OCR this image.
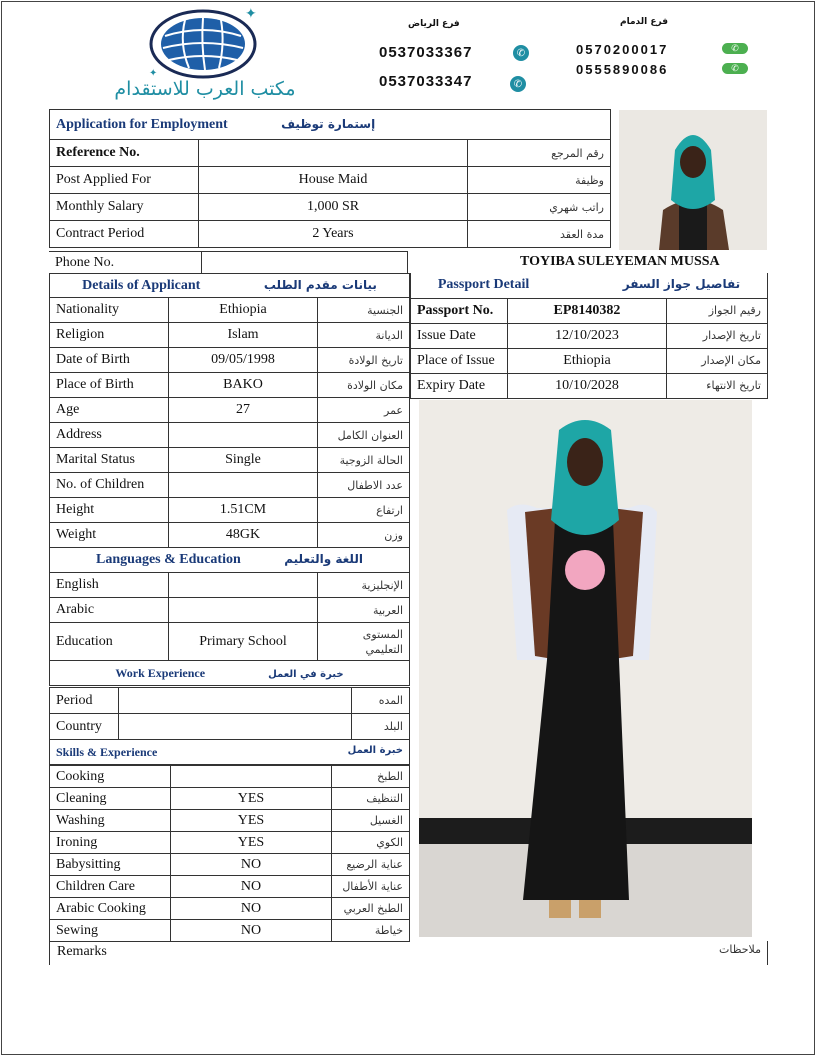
✦
✦
مكتب العرب للاستقدام
فرع الرياض
0537033367	✆
0537033347	✆
فرع الدمام
0570200017	✆
0555890086	✆
Application for Employment إستمارة توظيف		
Reference No.		رقم المرجع
Post Applied For	House Maid	وظيفة
Monthly Salary	1,000 SR	راتب شهري
Contract Period	2 Years	مدة العقد
Phone No.		TOYIBA SULEYEMAN MUSSA
Details of Applicant بيانات مقدم الطلب		
Nationality	Ethiopia	الجنسية
Religion	Islam	الديانة
Date of Birth	09/05/1998	تاريخ الولادة
Place of Birth	BAKO	مكان الولادة
Age	27	عمر
Address		العنوان الكامل
Marital Status	Single	الحالة الزوجية
No. of Children		عدد الاطفال
Height	1.51CM	ارتفاع
Weight	48GK	وزن
Languages & Education اللغة والتعليم		
English		الإنجليزية
Arabic		العربية
Education	Primary School	المستوى التعليمي
Work Experience خبرة في العمل		
Period		المده
Country		البلد
Skills & Experience خبرة العمل		
Cooking		الطبخ
Cleaning	YES	التنظيف
Washing	YES	الغسيل
Ironing	YES	الكوي
Babysitting	NO	عناية الرضيع
Children Care	NO	عناية الأطفال
Arabic Cooking	NO	الطبخ العربي
Sewing	NO	خياطة
Remarks	ملاحظات
Passport Detail تفاصيل جواز السفر		
Passport No.	EP8140382	رقيم الجواز
Issue Date	12/10/2023	تاريخ الإصدار
Place of Issue	Ethiopia	مكان الإصدار
Expiry Date	10/10/2028	تاريخ الانتهاء
